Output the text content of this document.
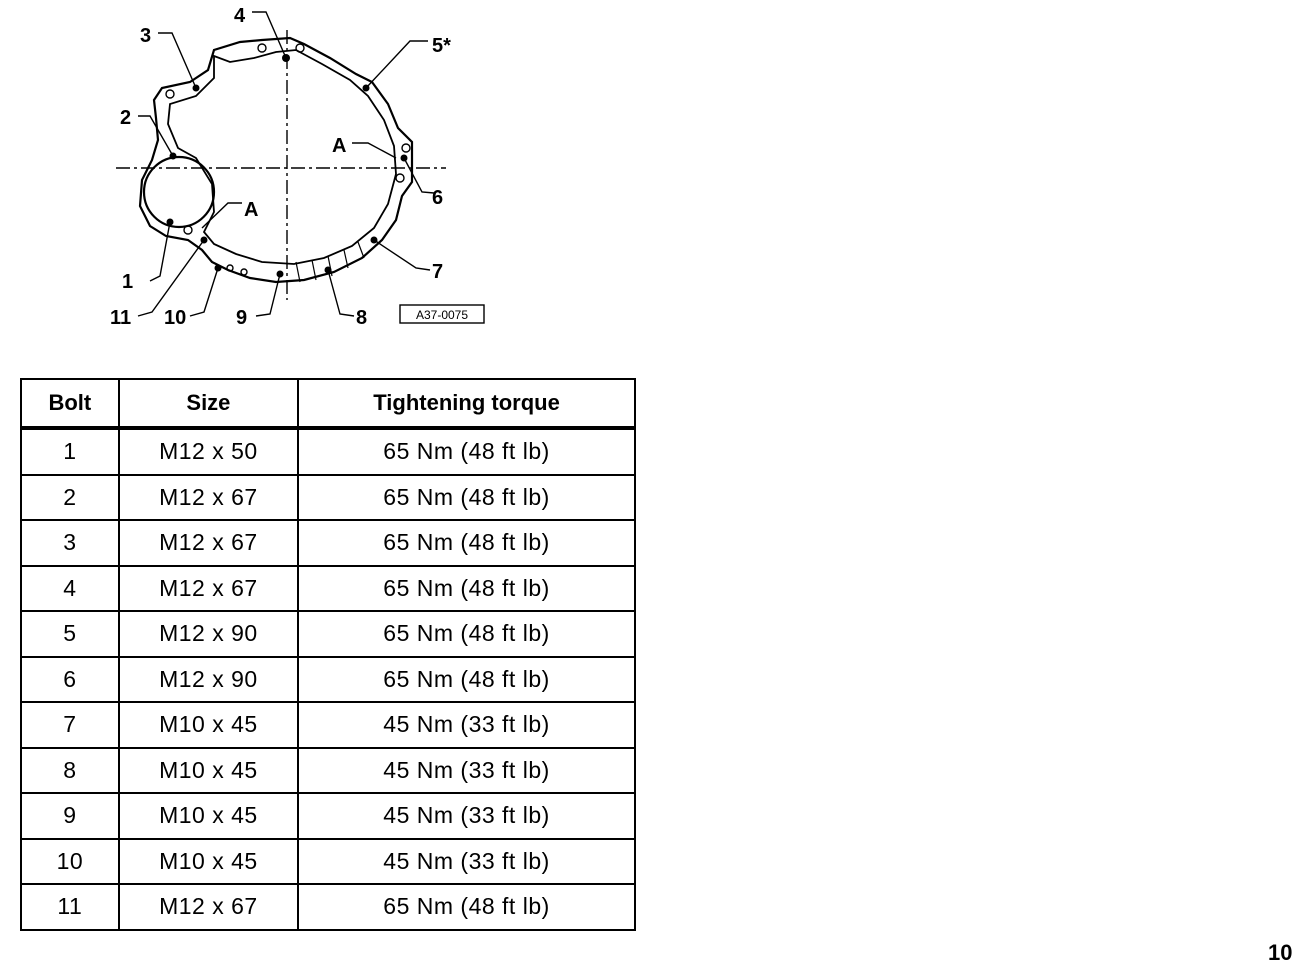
1
2
3
4
5*
6
7
8
9
10
11
A
A
A37-0075
Bolt	Size	Tightening torque
1	M12 x 50	65 Nm (48 ft lb)
2	M12 x 67	65 Nm (48 ft lb)
3	M12 x 67	65 Nm (48 ft lb)
4	M12 x 67	65 Nm (48 ft lb)
5	M12 x 90	65 Nm (48 ft lb)
6	M12 x 90	65 Nm (48 ft lb)
7	M10 x 45	45 Nm (33 ft lb)
8	M10 x 45	45 Nm (33 ft lb)
9	M10 x 45	45 Nm (33 ft lb)
10	M10 x 45	45 Nm (33 ft lb)
11	M12 x 67	65 Nm (48 ft lb)
10
